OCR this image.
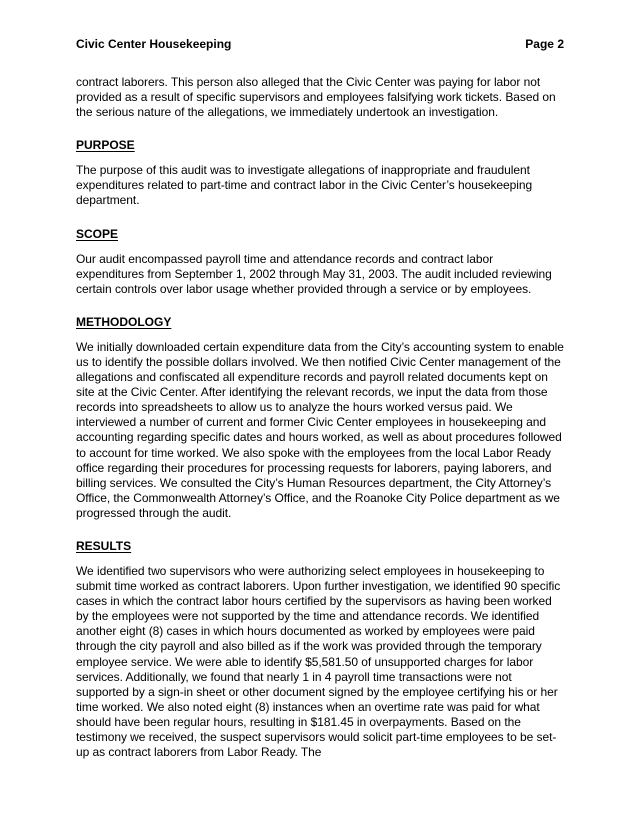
Civic Center Housekeeping	Page 2

contract laborers. This person also alleged that the Civic Center was paying for labor not provided as a result of specific supervisors and employees falsifying work tickets. Based on the serious nature of the allegations, we immediately undertook an investigation.

PURPOSE

The purpose of this audit was to investigate allegations of inappropriate and fraudulent expenditures related to part-time and contract labor in the Civic Center’s housekeeping department.

SCOPE

Our audit encompassed payroll time and attendance records and contract labor expenditures from September 1, 2002 through May 31, 2003. The audit included reviewing certain controls over labor usage whether provided through a service or by employees.

METHODOLOGY

We initially downloaded certain expenditure data from the City’s accounting system to enable us to identify the possible dollars involved. We then notified Civic Center management of the allegations and confiscated all expenditure records and payroll related documents kept on site at the Civic Center. After identifying the relevant records, we input the data from those records into spreadsheets to allow us to analyze the hours worked versus paid. We interviewed a number of current and former Civic Center employees in housekeeping and accounting regarding specific dates and hours worked, as well as about procedures followed to account for time worked. We also spoke with the employees from the local Labor Ready office regarding their procedures for processing requests for laborers, paying laborers, and billing services. We consulted the City’s Human Resources department, the City Attorney’s Office, the Commonwealth Attorney’s Office, and the Roanoke City Police department as we progressed through the audit.

RESULTS

We identified two supervisors who were authorizing select employees in housekeeping to submit time worked as contract laborers. Upon further investigation, we identified 90 specific cases in which the contract labor hours certified by the supervisors as having been worked by the employees were not supported by the time and attendance records. We identified another eight (8) cases in which hours documented as worked by employees were paid through the city payroll and also billed as if the work was provided through the temporary employee service. We were able to identify $5,581.50 of unsupported charges for labor services. Additionally, we found that nearly 1 in 4 payroll time transactions were not supported by a sign-in sheet or other document signed by the employee certifying his or her time worked. We also noted eight (8) instances when an overtime rate was paid for what should have been regular hours, resulting in $181.45 in overpayments. Based on the testimony we received, the suspect supervisors would solicit part-time employees to be set-up as contract laborers from Labor Ready. The
